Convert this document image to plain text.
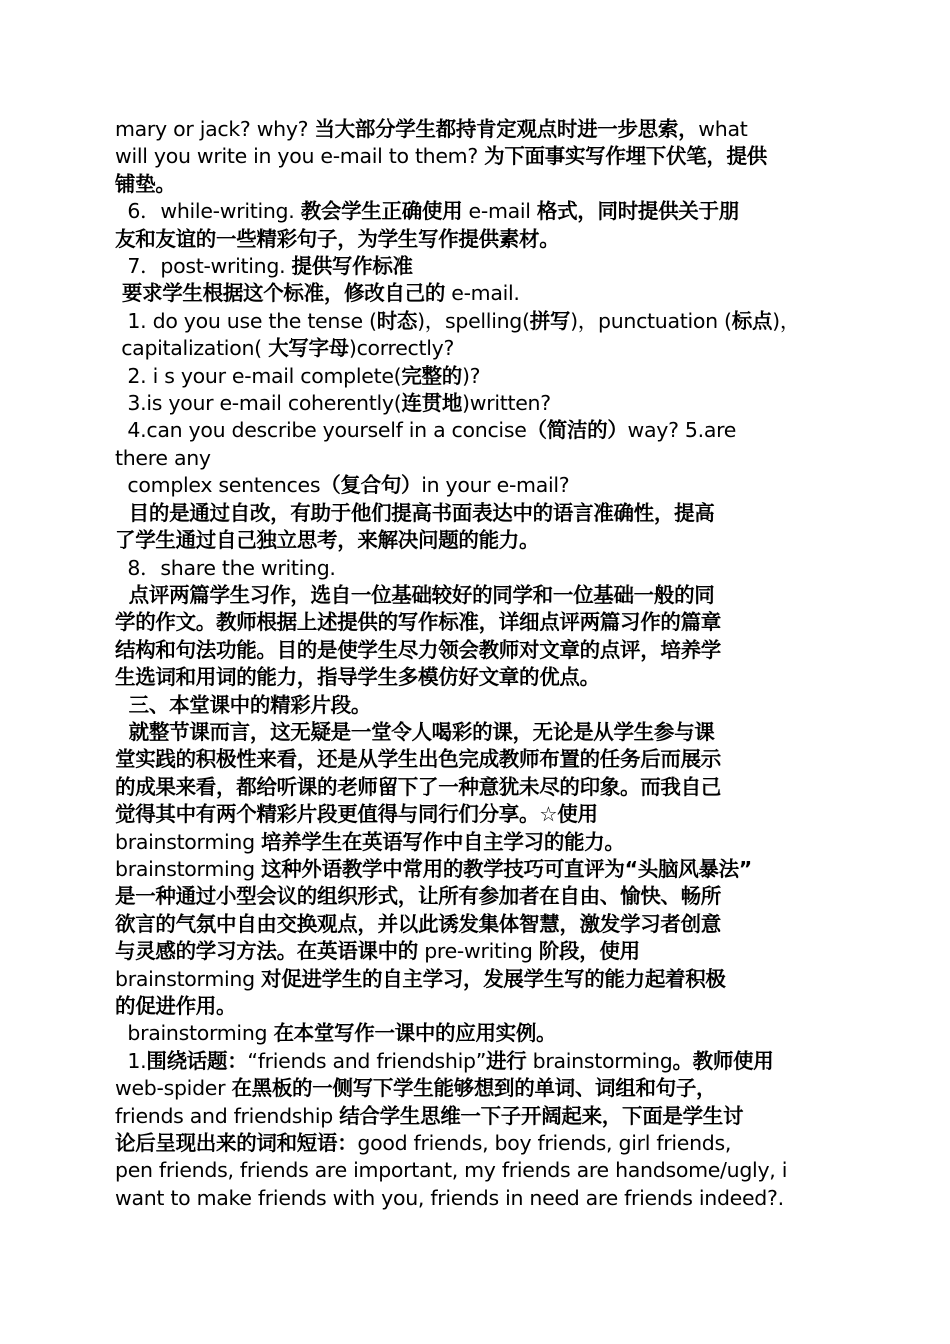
mary or jack? why? 当大部分学生都持肯定观点时进一步思索，what
will you write in you e-mail to them? 为下面事实写作埋下伏笔，提供
铺垫。
6．while-writing. 教会学生正确使用 e-mail 格式，同时提供关于朋
友和友谊的一些精彩句子，为学生写作提供素材。
7．post-writing. 提供写作标准
要求学生根据这个标准，修改自己的 e-mail.
1. do you use the tense (时态)，spelling(拼写)，punctuation (标点)，
capitalization( 大写字母)correctly?
2. i s your e-mail complete(完整的)?
3.is your e-mail coherently(连贯地)written?
4.can you describe yourself in a concise（简洁的）way? 5.are
there any
complex sentences（复合句）in your e-mail?
目的是通过自改，有助于他们提高书面表达中的语言准确性，提高
了学生通过自己独立思考，来解决问题的能力。
8．share the writing.
点评两篇学生习作，选自一位基础较好的同学和一位基础一般的同
学的作文。教师根据上述提供的写作标准，详细点评两篇习作的篇章
结构和句法功能。目的是使学生尽力领会教师对文章的点评，培养学
生选词和用词的能力，指导学生多模仿好文章的优点。
三、本堂课中的精彩片段。
就整节课而言，这无疑是一堂令人喝彩的课，无论是从学生参与课
堂实践的积极性来看，还是从学生出色完成教师布置的任务后而展示
的成果来看，都给听课的老师留下了一种意犹未尽的印象。而我自己
觉得其中有两个精彩片段更值得与同行们分享。☆使用
brainstorming 培养学生在英语写作中自主学习的能力。
brainstorming 这种外语教学中常用的教学技巧可直评为“头脑风暴法”
是一种通过小型会议的组织形式，让所有参加者在自由、愉快、畅所
欲言的气氛中自由交换观点，并以此诱发集体智慧，激发学习者创意
与灵感的学习方法。在英语课中的 pre-writing 阶段，使用
brainstorming 对促进学生的自主学习，发展学生写的能力起着积极
的促进作用。
brainstorming 在本堂写作一课中的应用实例。
1.围绕话题：“friends and friendship”进行 brainstorming。教师使用
web-spider 在黑板的一侧写下学生能够想到的单词、词组和句子，
friends and friendship 结合学生思维一下子开阔起来，下面是学生讨
论后呈现出来的词和短语：good friends, boy friends, girl friends,
pen friends, friends are important, my friends are handsome/ugly, i
want to make friends with you, friends in need are friends indeed?.
